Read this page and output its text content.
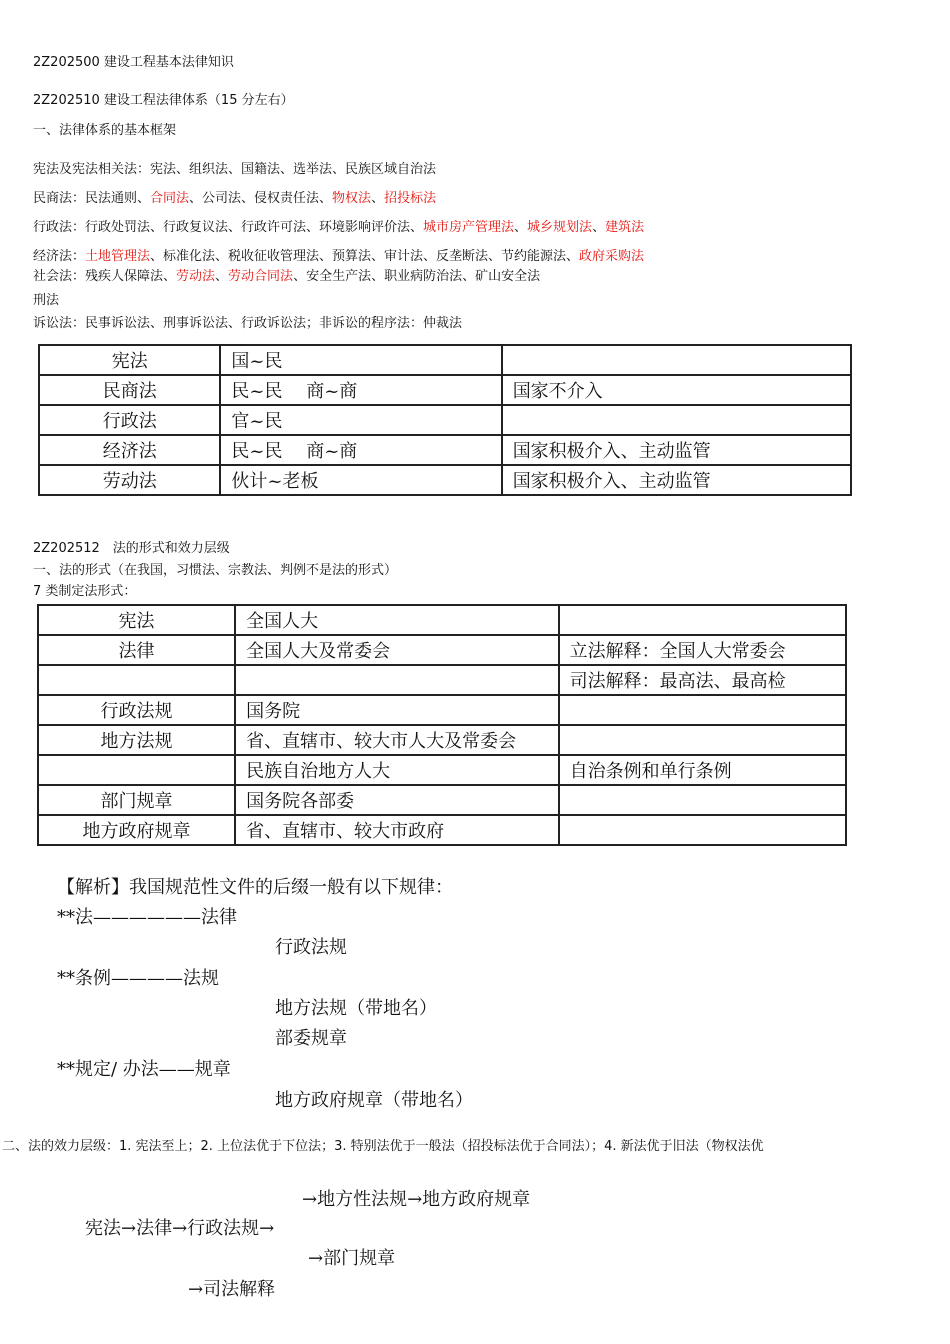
2Z202500 建设工程基本法律知识
2Z202510 建设工程法律体系（15 分左右）
一、法律体系的基本框架
宪法及宪法相关法：宪法、组织法、国籍法、选举法、民族区域自治法
民商法：民法通则、合同法、公司法、侵权责任法、物权法、招投标法
行政法：行政处罚法、行政复议法、行政许可法、环境影响评价法、城市房产管理法、城乡规划法、建筑法
经济法：土地管理法、标准化法、税收征收管理法、预算法、审计法、反垄断法、节约能源法、政府采购法
社会法：残疾人保障法、劳动法、劳动合同法、安全生产法、职业病防治法、矿山安全法
刑法
诉讼法：民事诉讼法、刑事诉讼法、行政诉讼法；非诉讼的程序法：仲裁法
宪法	国~民	
民商法	民~民　 商~商	国家不介入
行政法	官~民	
经济法	民~民　 商~商	国家积极介入、主动监管
劳动法	伙计~老板	国家积极介入、主动监管
2Z202512　法的形式和效力层级
一、法的形式（在我国，习惯法、宗教法、判例不是法的形式）
7 类制定法形式：
宪法	全国人大	
法律	全国人大及常委会	立法解释：全国人大常委会
		司法解释：最高法、最高检
行政法规	国务院	
地方法规	省、直辖市、较大市人大及常委会	
	民族自治地方人大	自治条例和单行条例
部门规章	国务院各部委	
地方政府规章	省、直辖市、较大市政府	
【解析】我国规范性文件的后缀一般有以下规律：
**法——————法律
行政法规
**条例————法规
地方法规（带地名）
部委规章
**规定/ 办法——规章
地方政府规章（带地名）
二、法的效力层级：1. 宪法至上；2. 上位法优于下位法；3. 特别法优于一般法（招投标法优于合同法）；4. 新法优于旧法（物权法优
→地方性法规→地方政府规章
宪法→法律→行政法规→
→部门规章
→司法解释
